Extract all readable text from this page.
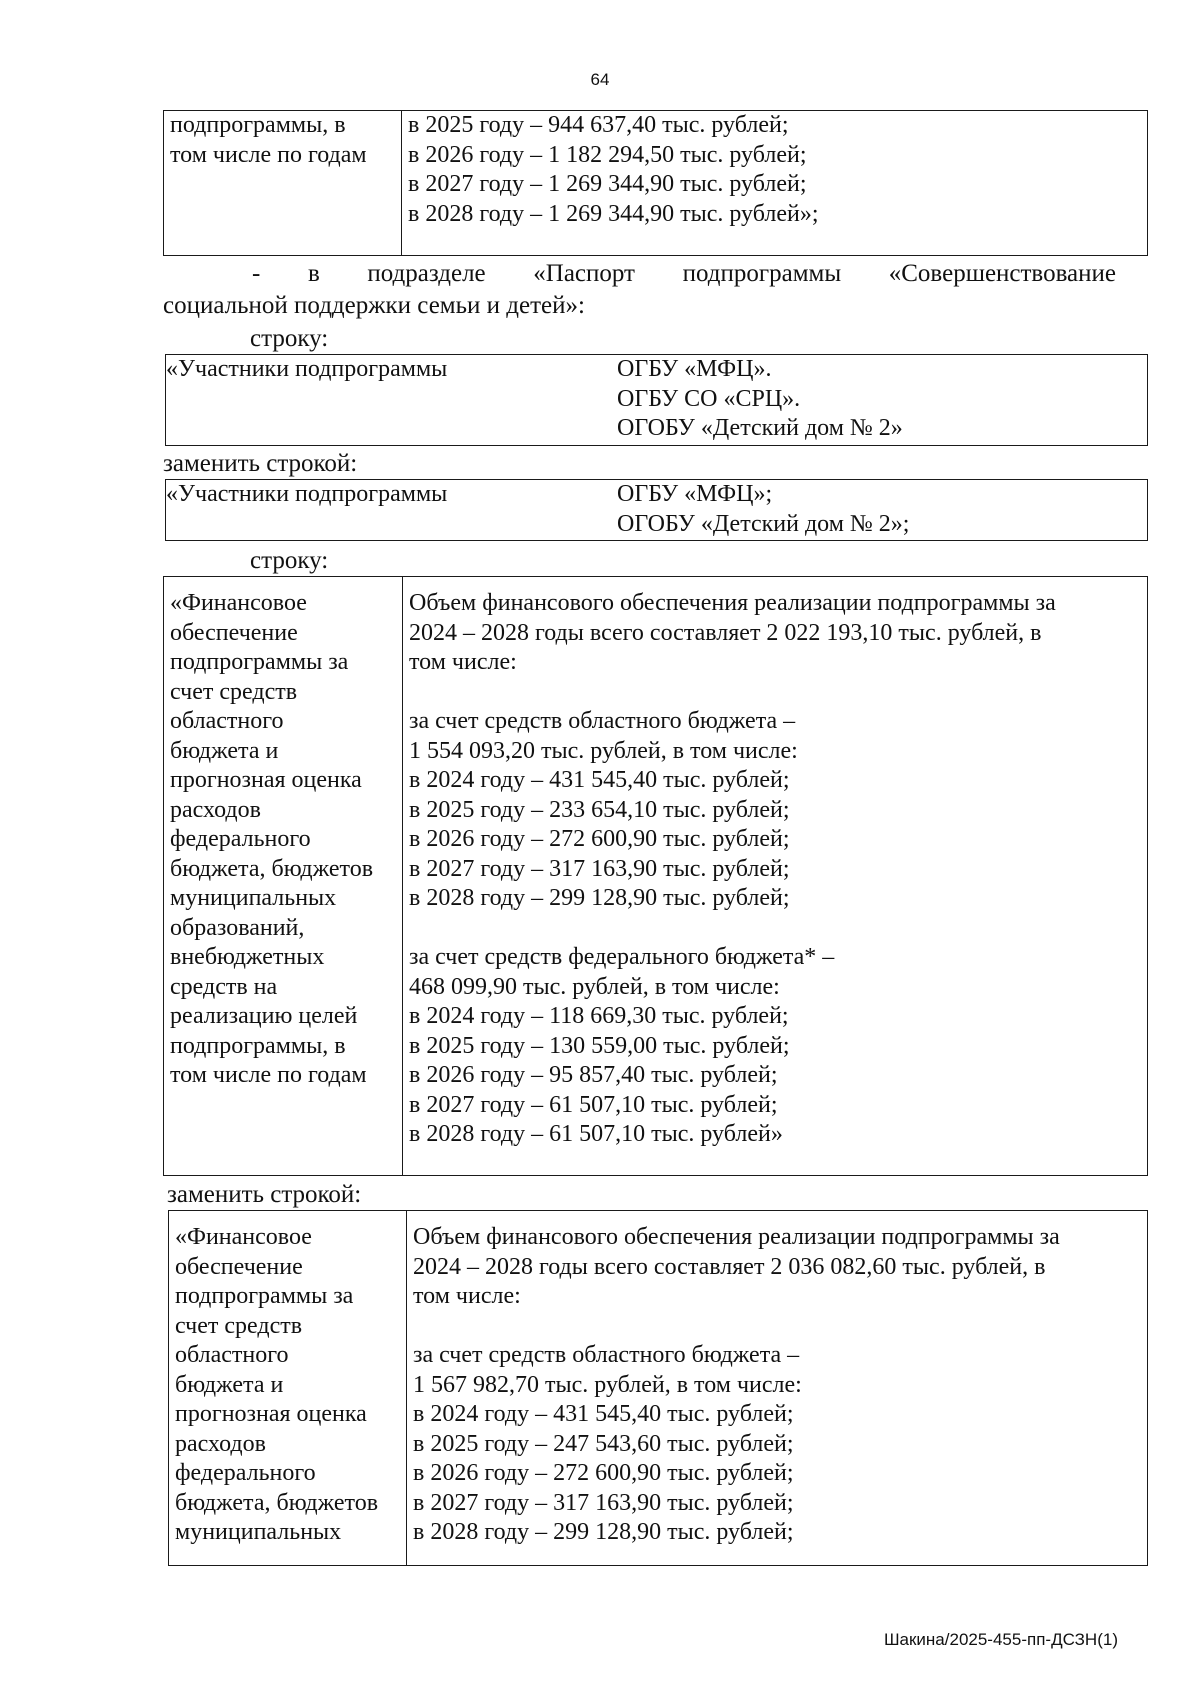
64
подпрограммы, в
том числе по годам	в 2025 году – 944 637,40 тыс. рублей;
в 2026 году – 1 182 294,50 тыс. рублей;
в 2027 году – 1 269 344,90 тыс. рублей;
в 2028 году – 1 269 344,90 тыс. рублей»;

- в подразделе «Паспорт подпрограммы «Совершенствование

социальной поддержки семьи и детей»:

строку:

«Участники подпрограммы	ОГБУ «МФЦ».
ОГБУ СО «СРЦ».
ОГОБУ «Детский дом № 2»

заменить строкой:

«Участники подпрограммы	ОГБУ «МФЦ»;
ОГОБУ «Детский дом № 2»;

строку:

«Финансовое
обеспечение
подпрограммы за
счет средств
областного
бюджета и
прогнозная оценка
расходов
федерального
бюджета, бюджетов
муниципальных
образований,
внебюджетных
средств на
реализацию целей
подпрограммы, в
том числе по годам	Объем финансового обеспечения реализации подпрограммы за
2024 – 2028 годы всего составляет 2 022 193,10 тыс. рублей, в
том числе:

за счет средств областного бюджета –
1 554 093,20 тыс. рублей, в том числе:
в 2024 году – 431 545,40 тыс. рублей;
в 2025 году – 233 654,10 тыс. рублей;
в 2026 году – 272 600,90 тыс. рублей;
в 2027 году – 317 163,90 тыс. рублей;
в 2028 году – 299 128,90 тыс. рублей;

за счет средств федерального бюджета* –
468 099,90 тыс. рублей, в том числе:
в 2024 году – 118 669,30 тыс. рублей;
в 2025 году – 130 559,00 тыс. рублей;
в 2026 году – 95 857,40 тыс. рублей;
в 2027 году – 61 507,10 тыс. рублей;
в 2028 году – 61 507,10 тыс. рублей»

заменить строкой:

«Финансовое
обеспечение
подпрограммы за
счет средств
областного
бюджета и
прогнозная оценка
расходов
федерального
бюджета, бюджетов
муниципальных	Объем финансового обеспечения реализации подпрограммы за
2024 – 2028 годы всего составляет 2 036 082,60 тыс. рублей, в
том числе:

за счет средств областного бюджета –
1 567 982,70 тыс. рублей, в том числе:
в 2024 году – 431 545,40 тыс. рублей;
в 2025 году – 247 543,60 тыс. рублей;
в 2026 году – 272 600,90 тыс. рублей;
в 2027 году – 317 163,90 тыс. рублей;
в 2028 году – 299 128,90 тыс. рублей;
Шакина/2025-455-пп-ДСЗН(1)
